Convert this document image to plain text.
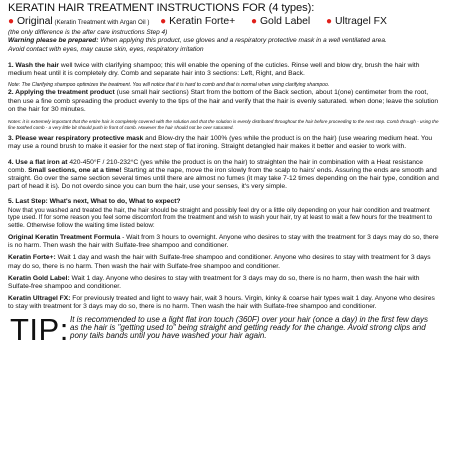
KERATIN HAIR TREATMENT INSTRUCTIONS FOR (4 types):
● Original (Keratin Treatment with Argan Oil ) ● Keratin Forte+ ● Gold Label ● Ultragel FX
(the only difference is the after care instructions Step 4)
Warning please be prepared: When applying this product, use gloves and a respiratory protective mask in a well ventilated area.
Avoid contact with eyes, may cause skin, eyes, respiratory irritation

1. Wash the hair well twice with clarifying shampoo; this will enable the opening of the cuticles. Rinse well and blow dry, brush the hair with medium heat until it is completely dry. Comb and separate hair into 3 sections: Left, Right, and Back.

Note: The Clarifying shampoo optimizes the treatment. You will notice that it is hard to comb and that is normal when using clarifying shampoo.

2. Applying the treatment product (use small hair sections) Start from the bottom of the Back section, about 1(one) centimeter from the root, then use a fine comb spreading the product evenly to the tips of the hair and verify that the hair is evenly saturated. when done; leave the solution on the hair for 30 minutes.

Notes: it is extremely important that the entire hair is completely covered with the solution and that the solution is evenly distributed throughout the hair before proceeding to the next step. Comb through - using the fine toothed comb - a very little bit should push in front of comb. However the hair should not be over saturated.

3. Please wear respiratory protective mask and Blow-dry the hair 100% (yes while the product is on the hair) (use wearing medium heat. You may use a round brush to make it easier for the next step of flat ironing. Straight detangled hair makes it better and easier to work with.

4. Use a flat iron at 420-450°F / 210-232°C (yes while the product is on the hair) to straighten the hair in combination with a Heat resistance comb. Small sections, one at a time! Starting at the nape, move the iron slowly from the scalp to hairs' ends. Assuring the ends are smooth and straight. Go over the same section several times until there are almost no fumes (it may take 7-12 times depending on the hair type, condition and part of head it is). Do not overdo since you can burn the hair, use your senses, it's very simple.

5. Last Step: What's next, What to do, What to expect?

Now that you washed and treated the hair, the hair should be straight and possibly feel dry or a little oily depending on your hair condition and treatment type used. If for some reason you feel some discomfort from the treatment and wish to wash your hair, try at least to wait a few hours for the treatment to settle. Otherwise follow the waiting time listed below:

Original Keratin Treatment Formula - Wait from 3 hours to overnight. Anyone who desires to stay with the treatment for 3 days may do so, there is no harm. Then wash the hair with Sulfate-free shampoo and conditioner.

Keratin Forte+: Wait 1 day and wash the hair with Sulfate-free shampoo and conditioner. Anyone who desires to stay with treatment for 3 days may do so, there is no harm. Then wash the hair with Sulfate-free shampoo and conditioner.

Keratin Gold Label: Wait 1 day. Anyone who desires to stay with treatment for 3 days may do so, there is no harm, then wash the hair with Sulfate-free shampoo and conditioner.

Keratin Ultragel FX: For previously treated and light to wavy hair, wait 3 hours. Virgin, kinky & coarse hair types wait 1 day. Anyone who desires to stay with treatment for 3 days may do so, there is no harm. Then wash the hair with Sulfate-free shampoo and conditioner.

TIP: It is recommended to use a light flat iron touch (360F) over your hair (once a day) in the first few days as the hair is "getting used to" being straight and getting ready for the change. Avoid strong clips and pony tails bands until you have washed your hair again.
